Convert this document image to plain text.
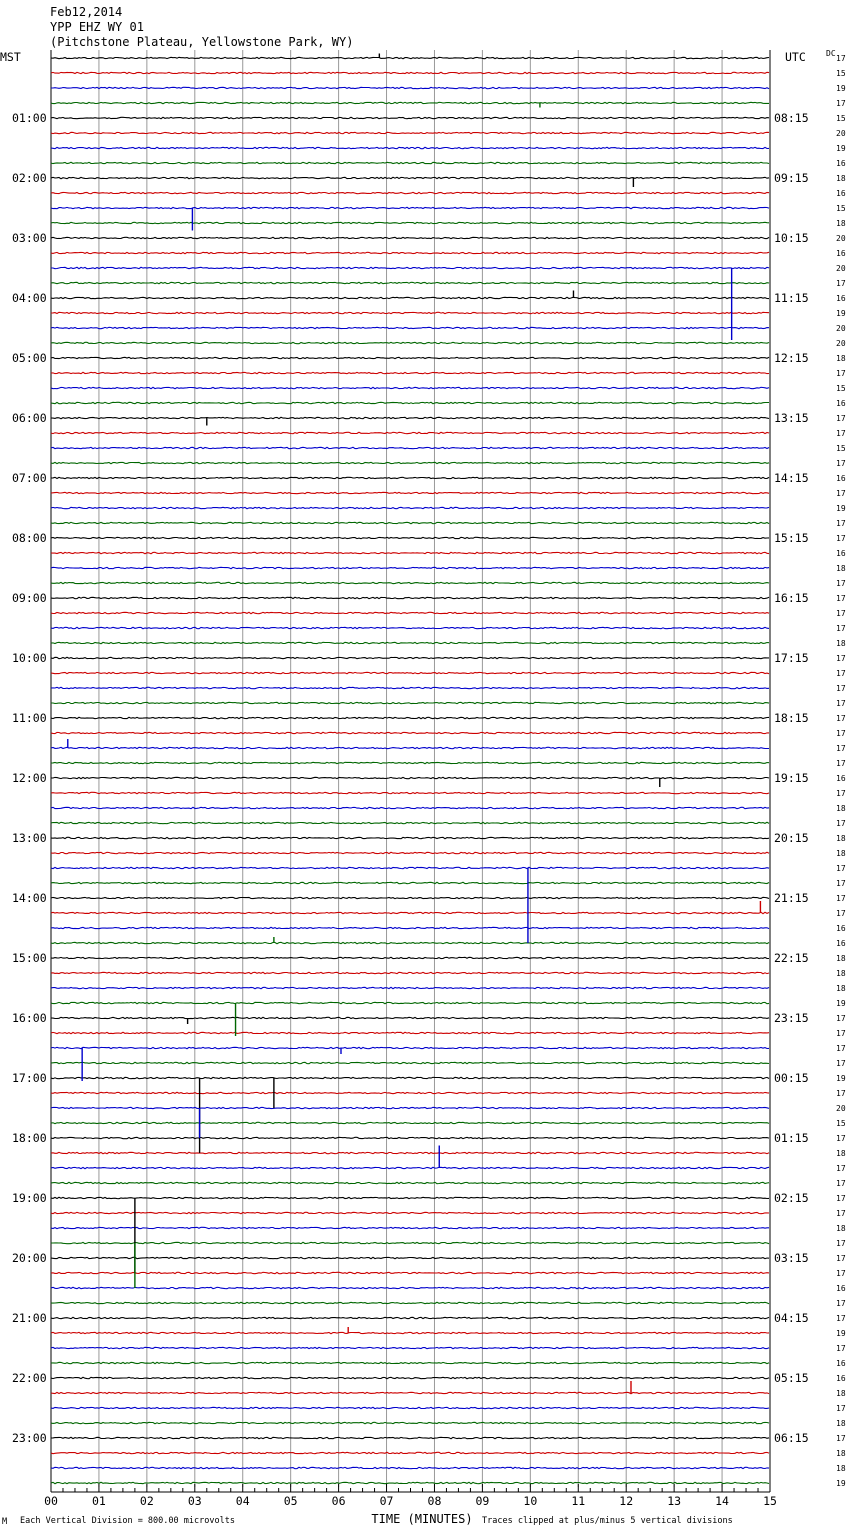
Feb12,2014
YPP EHZ WY 01
(Pitchstone Plateau, Yellowstone Park, WY)
MST	UTC	DC
01:00
02:00
03:00
04:00
05:00
06:00
07:00
08:00
09:00
10:00
11:00
12:00
13:00
14:00
15:00
16:00
17:00
18:00
19:00
20:00
21:00
22:00
23:00
08:15
09:15
10:15
11:15
12:15
13:15
14:15
15:15
16:15
17:15
18:15
19:15
20:15
21:15
22:15
23:15
00:15
01:15
02:15
03:15
04:15
05:15
06:15
17
15
19
17
15
20
19
16
18
16
15
18
20
16
20
17
16
19
20
20
18
17
15
16
17
17
15
17
16
17
19
17
17
16
18
17
17
17
17
18
17
17
17
17
17
17
17
17
16
17
18
17
18
18
17
17
17
17
16
16
18
18
18
19
17
17
17
17
19
17
20
15
17
18
17
17
17
17
18
17
17
17
16
17
17
19
17
16
16
18
17
18
17
18
18
19
00	01	02	03	04	05	06	07	08	09	10	11	12	13	14	15
TIME (MINUTES)
M Each Vertical Division = 800.00 microvolts	Traces clipped at plus/minus 5 vertical divisions
